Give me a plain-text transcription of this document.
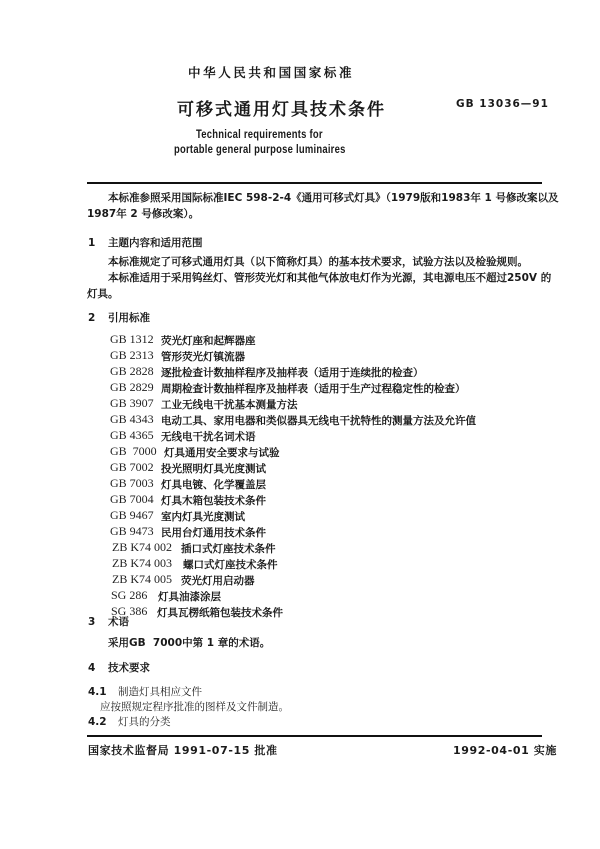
中华人民共和国国家标准
可移式通用灯具技术条件	GB 13036—91
Technical requirements for
portable general purpose luminaires
本标准参照采用国际标准IEC 598-2-4《通用可移式灯具》（1979版和1983年 1 号修改案以及
1987年 2 号修改案）。
1 主题内容和适用范围
本标准规定了可移式通用灯具（以下简称灯具）的基本技术要求，试验方法以及检验规则。
本标准适用于采用钨丝灯、管形荧光灯和其他气体放电灯作为光源，其电源电压不超过250V 的
灯具。
2 引用标准
GB 1312 荧光灯座和起辉器座
GB 2313 管形荧光灯镇流器
GB 2828 逐批检查计数抽样程序及抽样表（适用于连续批的检查）
GB 2829 周期检查计数抽样程序及抽样表（适用于生产过程稳定性的检查）
GB 3907 工业无线电干扰基本测量方法
GB 4343 电动工具、家用电器和类似器具无线电干扰特性的测量方法及允许值
GB 4365 无线电干扰名词术语
GB  7000 灯具通用安全要求与试验
GB 7002 投光照明灯具光度测试
GB 7003 灯具电镀、化学覆盖层
GB 7004 灯具木箱包装技术条件
GB 9467 室内灯具光度测试
GB 9473 民用台灯通用技术条件
ZB K74 002 插口式灯座技术条件
ZB K74 003 螺口式灯座技术条件
ZB K74 005 荧光灯用启动器
SG 286 灯具油漆涂层
SG 386 灯具瓦楞纸箱包装技术条件
3 术语
采用GB  7000中第 1 章的术语。
4 技术要求
4.1 制造灯具相应文件
应按照规定程序批准的图样及文件制造。
4.2 灯具的分类
国家技术监督局 1991-07-15 批准	1992-04-01 实施
